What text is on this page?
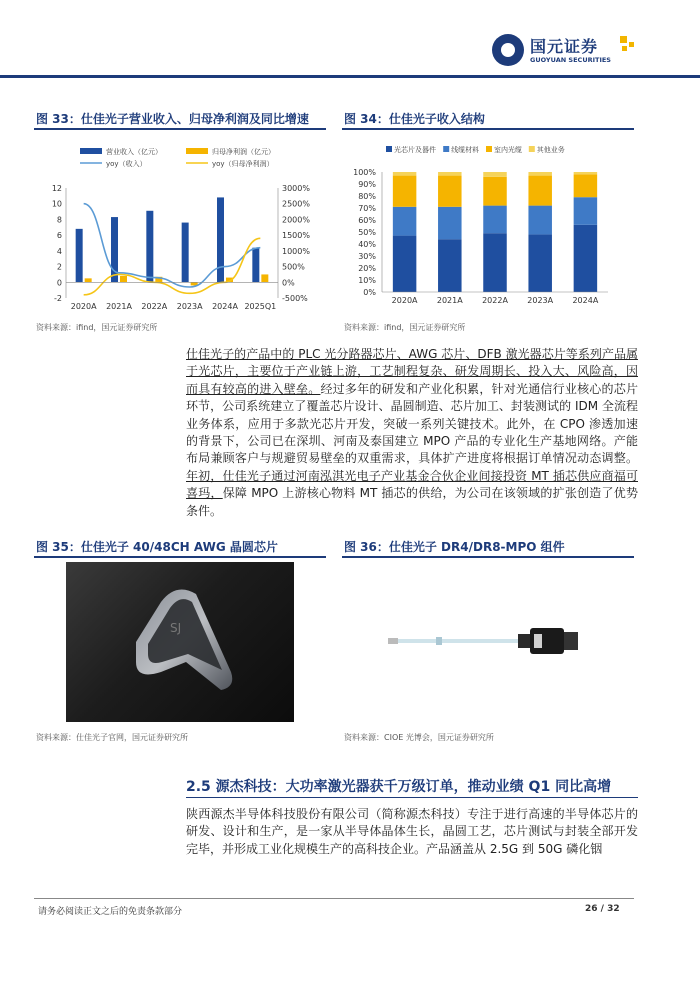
国元证券
GUOYUAN SECURITIES
图 33：仕佳光子营业收入、归母净利润及同比增速
营业收入（亿元）	归母净利润（亿元）
yoy（收入）	yoy（归母净利润）
12
10
8
6
4
2
0
-2
3000%
2500%
2000%
1500%
1000%
500%
0%
-500%
2020A 2021A 2022A 2023A 2024A 2025Q1
资料来源：ifind，国元证券研究所
图 34：仕佳光子收入结构
光芯片及器件 线缆材料 室内光缆 其他业务
100%
90%
80%
70%
60%
50%
40%
30%
20%
10%
0%
2020A 2021A 2022A 2023A 2024A
资料来源：ifind，国元证券研究所
仕佳光子的产品中的 PLC 光分路器芯片、AWG 芯片、DFB 激光器芯片等系列产品属于光芯片，主要位于产业链上游，工艺制程复杂、研发周期长、投入大、风险高，因而具有较高的进入壁垒。经过多年的研发和产业化积累，针对光通信行业核心的芯片环节，公司系统建立了覆盖芯片设计、晶圆制造、芯片加工、封装测试的 IDM 全流程业务体系，应用于多款光芯片开发，突破一系列关键技术。此外，在 CPO 渗透加速的背景下，公司已在深圳、河南及泰国建立 MPO 产品的专业化生产基地网络。产能布局兼顾客户与规避贸易壁垒的双重需求，具体扩产进度将根据订单情况动态调整。年初，仕佳光子通过河南泓淇光电子产业基金合伙企业间接投资 MT 插芯供应商福可喜玛，保障 MPO 上游核心物料 MT 插芯的供给，为公司在该领域的扩张创造了优势条件。
图 35：仕佳光子 40/48CH AWG 晶圆芯片
SJ
资料来源：仕佳光子官网，国元证券研究所
图 36：仕佳光子 DR4/DR8-MPO 组件
资料来源：CIOE 光博会，国元证券研究所
2.5 源杰科技：大功率激光器获千万级订单，推动业绩 Q1 同比高增
陕西源杰半导体科技股份有限公司（简称源杰科技）专注于进行高速的半导体芯片的研发、设计和生产，是一家从半导体晶体生长，晶圆工艺，芯片测试与封装全部开发完毕，并形成工业化规模生产的高科技企业。产品涵盖从 2.5G 到 50G 磷化铟
请务必阅读正文之后的免责条款部分	26 / 32
